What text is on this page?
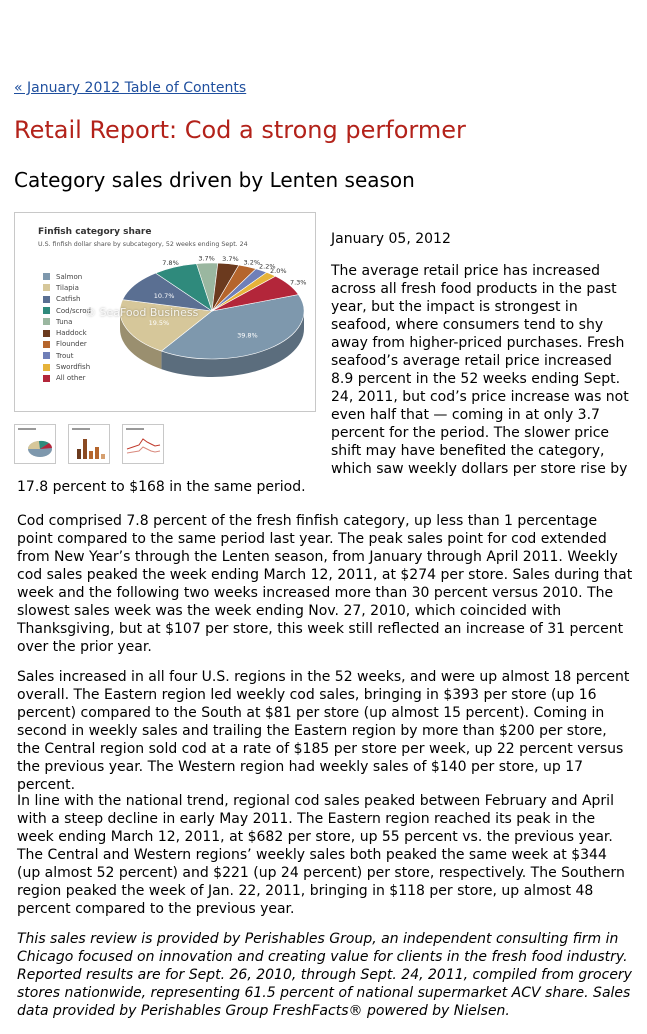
« January 2012 Table of Contents
Retail Report: Cod a strong performer
Category sales driven by Lenten season
Finfish category share
U.S. finfish dollar share by subcategory, 52 weeks ending Sept. 24
Salmon
Tilapia
Catfish
Cod/scrod
Tuna
Haddock
Flounder
Trout
Swordfish
All other
39.8%
19.5%
10.7%
7.8%
3.7% 3.7% 3.2%
2.2%
2.0%
7.3%
© SeaFood Business
January 05, 2012

The average retail price has increased across all fresh food products in the past year, but the impact is strongest in seafood, where consumers tend to shy away from higher-priced purchases. Fresh seafood’s average retail price increased 8.9 percent in the 52 weeks ending Sept. 24, 2011, but cod’s price increase was not even half that — coming in at only 3.7 percent for the period. The slower price shift may have benefited the category, which saw weekly dollars per store rise by

17.8 percent to $168 in the same period.

Cod comprised 7.8 percent of the fresh finfish category, up less than 1 percentage point compared to the same period last year. The peak sales point for cod extended from New Year’s through the Lenten season, from January through April 2011. Weekly cod sales peaked the week ending March 12, 2011, at $274 per store. Sales during that week and the following two weeks increased more than 30 percent versus 2010. The slowest sales week was the week ending Nov. 27, 2010, which coincided with Thanksgiving, but at $107 per store, this week still reflected an increase of 31 percent over the prior year.

Sales increased in all four U.S. regions in the 52 weeks, and were up almost 18 percent overall. The Eastern region led weekly cod sales, bringing in $393 per store (up 16 percent) compared to the South at $81 per store (up almost 15 percent). Coming in second in weekly sales and trailing the Eastern region by more than $200 per store, the Central region sold cod at a rate of $185 per store per week, up 22 percent versus the previous year. The Western region had weekly sales of $140 per store, up 17 percent.

In line with the national trend, regional cod sales peaked between February and April with a steep decline in early May 2011. The Eastern region reached its peak in the week ending March 12, 2011, at $682 per store, up 55 percent vs. the previous year. The Central and Western regions’ weekly sales both peaked the same week at $344 (up almost 52 percent) and $221 (up 24 percent) per store, respectively. The Southern region peaked the week of Jan. 22, 2011, bringing in $118 per store, up almost 48 percent compared to the previous year.

This sales review is provided by Perishables Group, an independent consulting firm in Chicago focused on innovation and creating value for clients in the fresh food industry. Reported results are for Sept. 26, 2010, through Sept. 24, 2011, compiled from grocery stores nationwide, representing 61.5 percent of national supermarket ACV share. Sales data provided by Perishables Group FreshFacts® powered by Nielsen.
